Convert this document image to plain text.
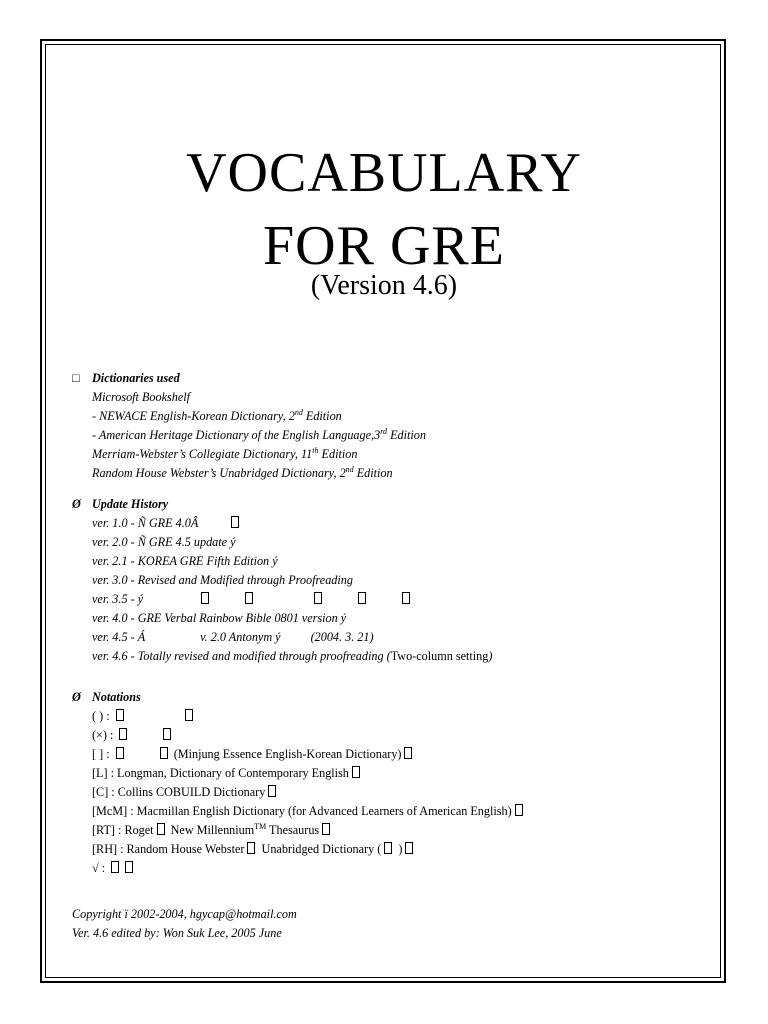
VOCABULARY
FOR GRE
(Version 4.6)
□ Dictionaries used
Microsoft Bookshelf
- NEWACE English-Korean Dictionary, 2nd Edition
- American Heritage Dictionary of the English Language,3rd Edition
Merriam-Webster’s Collegiate Dictionary, 11th Edition
Random House Webster’s Unabridged Dictionary, 2nd Edition
Ø Update History
ver. 1.0 - Ñ GRE 4.0Â
ver. 2.0 - Ñ GRE 4.5 update ý
ver. 2.1 - KOREA GRE Fifth Edition ý
ver. 3.0 - Revised and Modified through Proofreading
ver. 3.5 - ý
ver. 4.0 - GRE Verbal Rainbow Bible 0801 version ý
ver. 4.5 - Á	v. 2.0 Antonym ý (2004. 3. 21)
ver. 4.6 - Totally revised and modified through proofreading (Two-column setting)
Ø Notations
( ) :
(×) :
[ ] :	(Minjung Essence English-Korean Dictionary)
[L] : Longman, Dictionary of Contemporary English
[C] : Collins COBUILD Dictionary
[McM] : Macmillan English Dictionary (for Advanced Learners of American English)
[RT] : Roget New Millennium™ Thesaurus
[RH] : Random House Webster Unabridged Dictionary ( )
√ :
Copyright ï 2002-2004, hgycap@hotmail.com
Ver. 4.6 edited by: Won Suk Lee, 2005 June
